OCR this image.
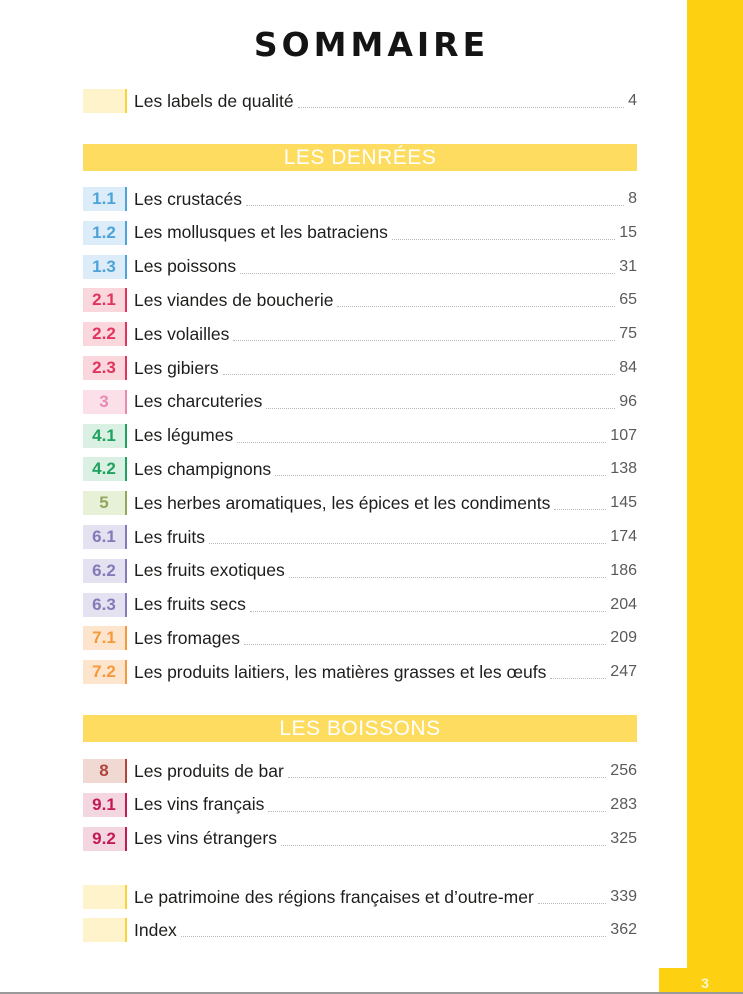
3
SOMMAIRE
Les labels de qualité	4
LES DENRÉES
1.1	Les crustacés	8
1.2	Les mollusques et les batraciens	15
1.3	Les poissons	31
2.1	Les viandes de boucherie	65
2.2	Les volailles	75
2.3	Les gibiers	84
3	Les charcuteries	96
4.1	Les légumes	107
4.2	Les champignons	138
5	Les herbes aromatiques, les épices et les condiments	145
6.1	Les fruits	174
6.2	Les fruits exotiques	186
6.3	Les fruits secs	204
7.1	Les fromages	209
7.2	Les produits laitiers, les matières grasses et les œufs	247
LES BOISSONS
8	Les produits de bar	256
9.1	Les vins français	283
9.2	Les vins étrangers	325
Le patrimoine des régions françaises et d’outre-mer	339
Index	362
